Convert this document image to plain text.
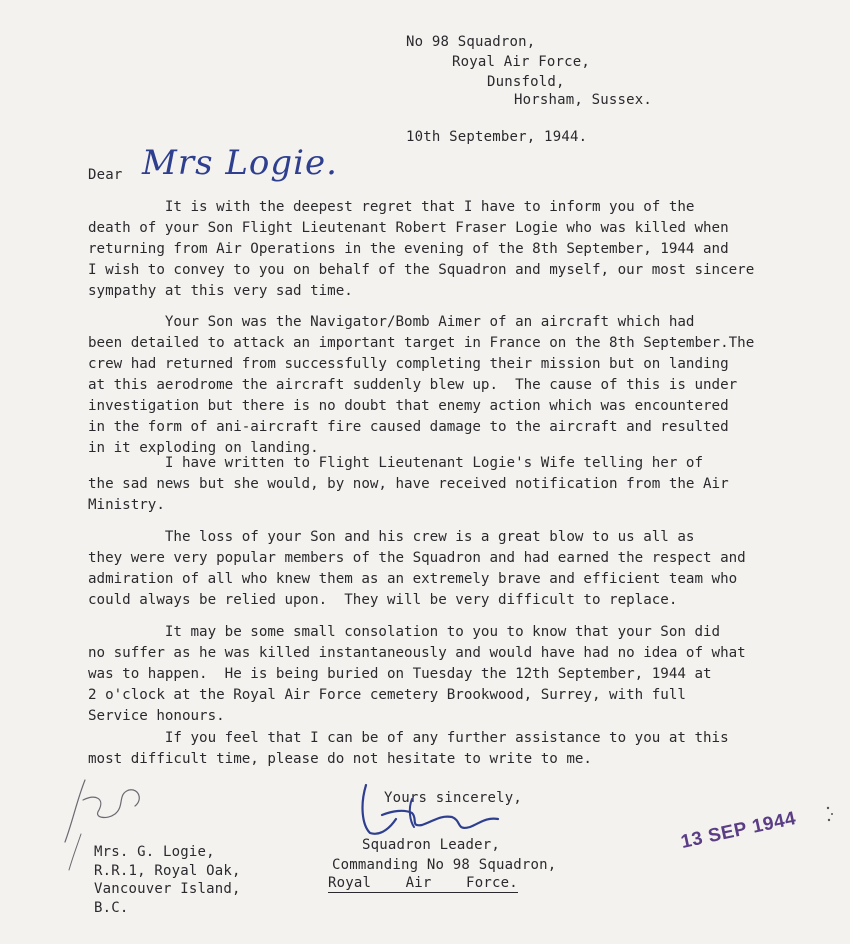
No 98 Squadron,
Royal Air Force,
Dunsfold,
Horsham, Sussex.
10th September, 1944.
Dear Mrs Logie.
It is with the deepest regret that I have to inform you of the
death of your Son Flight Lieutenant Robert Fraser Logie who was killed when
returning from Air Operations in the evening of the 8th September, 1944 and
I wish to convey to you on behalf of the Squadron and myself, our most sincere
sympathy at this very sad time.
Your Son was the Navigator/Bomb Aimer of an aircraft which had
been detailed to attack an important target in France on the 8th September.The
crew had returned from successfully completing their mission but on landing
at this aerodrome the aircraft suddenly blew up.  The cause of this is under
investigation but there is no doubt that enemy action which was encountered
in the form of ani-aircraft fire caused damage to the aircraft and resulted
in it exploding on landing.
I have written to Flight Lieutenant Logie's Wife telling her of
the sad news but she would, by now, have received notification from the Air
Ministry.
The loss of your Son and his crew is a great blow to us all as
they were very popular members of the Squadron and had earned the respect and
admiration of all who knew them as an extremely brave and efficient team who
could always be relied upon.  They will be very difficult to replace.
It may be some small consolation to you to know that your Son did
no suffer as he was killed instantaneously and would have had no idea of what
was to happen.  He is being buried on Tuesday the 12th September, 1944 at
2 o'clock at the Royal Air Force cemetery Brookwood, Surrey, with full
Service honours.
If you feel that I can be of any further assistance to you at this
most difficult time, please do not hesitate to write to me.
Yours sincerely,
Squadron Leader,
Commanding No 98 Squadron,
Royal    Air    Force.
Mrs. G. Logie,
R.R.1, Royal Oak,
Vancouver Island,
B.C.
13 SEP 1944
